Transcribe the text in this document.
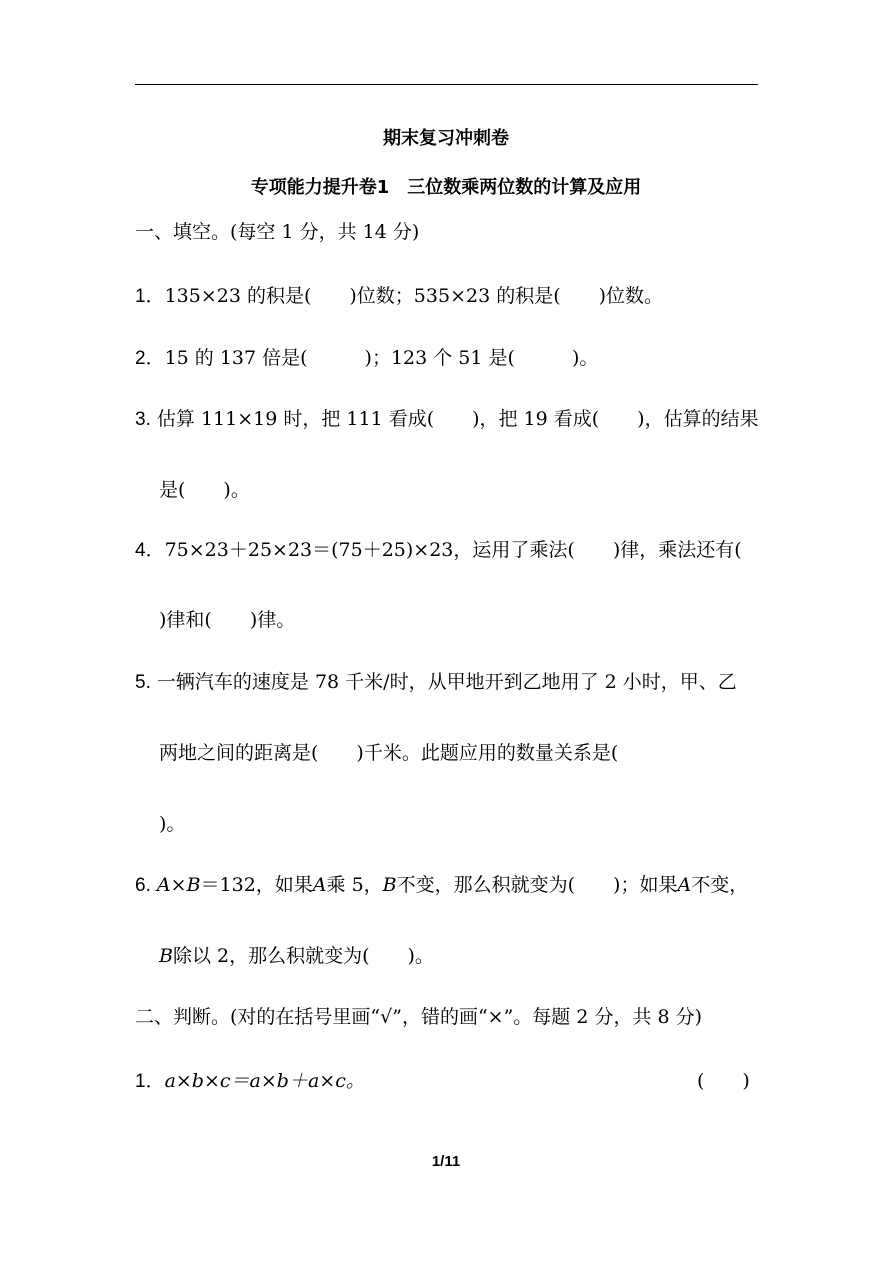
期末复习冲刺卷
专项能力提升卷1　三位数乘两位数的计算及应用
一、填空。(每空 1 分，共 14 分)
1．135×23 的积是(　　)位数；535×23 的积是(　　)位数。
2．15 的 137 倍是(　　　)；123 个 51 是(　　　)。
3. 估算 111×19 时，把 111 看成(　　)，把 19 看成(　　)，估算的结果
是(　　)。
4．75×23＋25×23＝(75＋25)×23，运用了乘法(　　)律，乘法还有(
)律和(　　)律。
5. 一辆汽车的速度是 78 千米/时，从甲地开到乙地用了 2 小时，甲、乙
两地之间的距离是(　　)千米。此题应用的数量关系是(
)。
6. A×B＝132，如果A乘 5，B不变，那么积就变为(　　)；如果A不变，
B除以 2，那么积就变为(　　)。
二、判断。(对的在括号里画“√”，错的画“×”。每题 2 分，共 8 分)
1．a×b×c＝a×b＋a×c。	(　　)
1/11
